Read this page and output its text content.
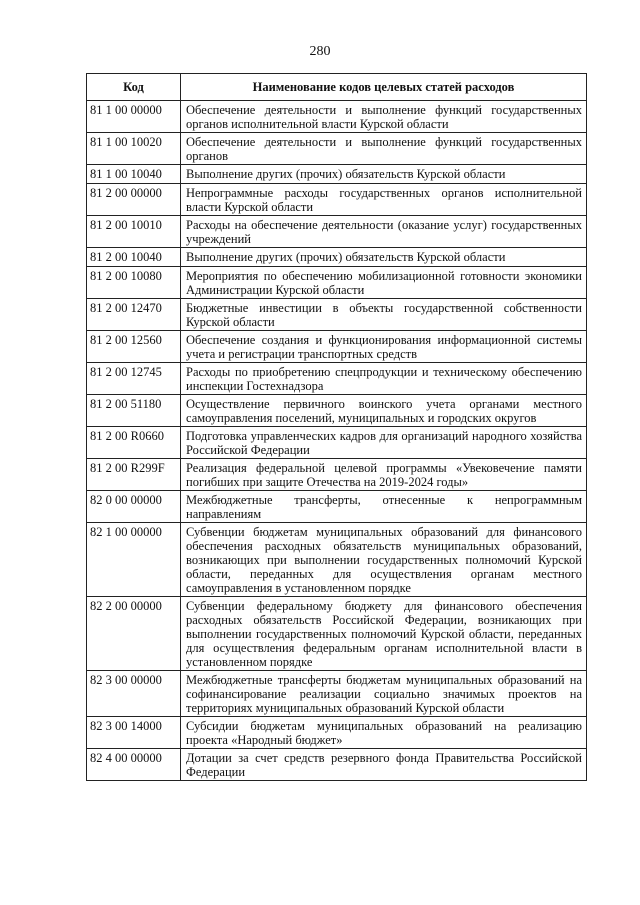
280
Код	Наименование кодов целевых статей расходов
81 1 00 00000	Обеспечение деятельности и выполнение функций государственных органов исполнительной власти Курской области
81 1 00 10020	Обеспечение деятельности и выполнение функций государственных органов
81 1 00 10040	Выполнение других (прочих) обязательств Курской области
81 2 00 00000	Непрограммные расходы государственных органов исполнительной власти Курской области
81 2 00 10010	Расходы на обеспечение деятельности (оказание услуг) государственных учреждений
81 2 00 10040	Выполнение других (прочих) обязательств Курской области
81 2 00 10080	Мероприятия по обеспечению мобилизационной готовности экономики Администрации Курской области
81 2 00 12470	Бюджетные инвестиции в объекты государственной собственности Курской области
81 2 00 12560	Обеспечение создания и функционирования информационной системы учета и регистрации транспортных средств
81 2 00 12745	Расходы по приобретению спецпродукции и техническому обеспечению инспекции Гостехнадзора
81 2 00 51180	Осуществление первичного воинского учета органами местного самоуправления поселений, муниципальных и городских округов
81 2 00 R0660	Подготовка управленческих кадров для организаций народного хозяйства Российской Федерации
81 2 00 R299F	Реализация федеральной целевой программы «Увековечение памяти погибших при защите Отечества на 2019-2024 годы»
82 0 00 00000	Межбюджетные трансферты, отнесенные к непрограммным направлениям
82 1 00 00000	Субвенции бюджетам муниципальных образований для финансового обеспечения расходных обязательств муниципальных образований, возникающих при выполнении государственных полномочий Курской области, переданных для осуществления органам местного самоуправления в установленном порядке
82 2 00 00000	Субвенции федеральному бюджету для финансового обеспечения расходных обязательств Российской Федерации, возникающих при выполнении государственных полномочий Курской области, переданных для осуществления федеральным органам исполнительной власти в установленном порядке
82 3 00 00000	Межбюджетные трансферты бюджетам муниципальных образований на софинансирование реализации социально значимых проектов на территориях муниципальных образований Курской области
82 3 00 14000	Субсидии бюджетам муниципальных образований на реализацию проекта «Народный бюджет»
82 4 00 00000	Дотации за счет средств резервного фонда Правительства Российской Федерации
